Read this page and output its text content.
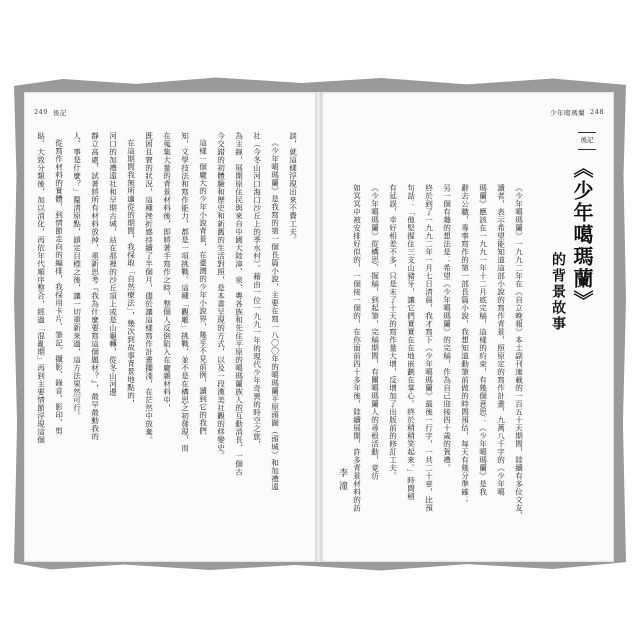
249 後記
談，就這樣浮現出來不費工夫。
《少年噶瑪蘭》是我寫的第一個長篇小說，主要在寫一八〇〇年的噶瑪蘭平原頭圍（頭城）和加禮遠
社（今冬山河口海口沙丘上的季水村）。藉由一位一九九一年的現代少年奇異的時空之旅，
為主線，展開原住民與來自中國大陸漳、泉、粵各族和先住平原的噶瑪蘭族人的互動消長，一個古
今交錯的初體驗和歷史和新舊的生活對照，是本書呈現的方式，以及一段漢美社觀的移變史。
這樣一個龐大的少年小說背景，在臺灣的少年小說界，幾乎不見前例，讀到它的我們
知，文學技法和寫作能力，都是一項挑戰。這種「觀雕」挑戰，並不是在構思之初發現，而
在蒐集大量的背景材料後，即將著手寫作之時，整個人反倒陷入在龐雜材料中，
既困且窘的狀況，這種挫折感持續了半個月，儘於讓這樣寫作計畫擱淺，在茫然中放棄。
在這期間我無所適從的期間，我採取「自然療法」，幾次到故事背景地點的，
河口的加禮遠社和早期古城，站在那裡的沙丘頂上或是山龜轉，從冬山河邊
靜立高處，試著將所有材料放掉，重新思考『我為什麼要寫這個題材？』，最早最動我的
人、事是什麼？」釐清原點，鎖定目標之後，讓一切重新來過，這方法果然可行。
從寫作材料的實體，到情節走向的編排，我採用卡片、筆記、攝影、錄音、影印、剪
貼、大致分類後，加以消化，再依年代順序整合，經過「混亂期」再到主要情節浮現這個
少年噶瑪蘭 248
後記
《少年噶瑪蘭》
的背景故事
《少年噶瑪蘭》一九九二年在《自立晚報》本土副刊連載的一百五十天期間，陸續有多位文友、
讀者，表示希望能知道這部小說的寫作背景，照原定的寫作計畫，九萬八千字的《少年噶
瑪蘭》應該在一九九一年十二月底完稿，這樣的約束，有幾個意思：《少年噶瑪蘭》是我
辭去公職，專事寫作的第一部長篇小說，我想知道動筆前做的時間預估，每天有幾分準確；
另一個有趣的想法是：希望《少年噶瑪蘭》的完稿，作為自己迎接四十歲的賀禮。
終於到了一九九二年一月七日清晨，我才寫下《少年噶瑪蘭》最後一行字，一共二十章，比預
句話：「他堅握住三支山豬牙，讓它們實實在在地嵌劃在掌心。終於稍稍笑起來。」時間稍
有延誤，幸好相差不多，只是末了十天的寫作量大增，反增加了出版前的修訂工夫。
《少年噶瑪蘭》從構思、掘稿，到起筆，完稿期間，有關噶瑪蘭人的尋根活動，竟彷
如冥冥中被安排好似的，一個接一個的，在你面前四十多年後，陸續展開，許多背景材料的訪
李潼
